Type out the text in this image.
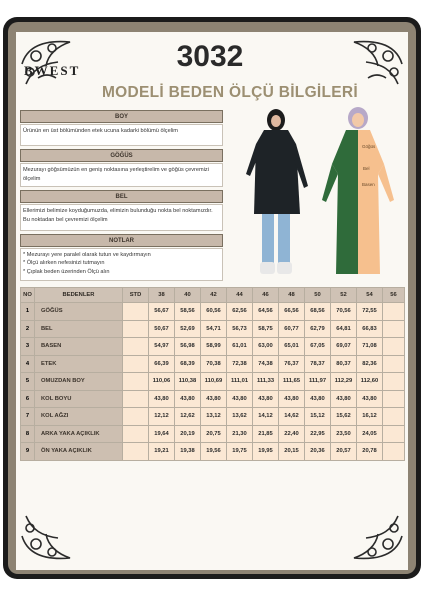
BWEST	3032
MODELİ BEDEN ÖLÇÜ BİLGİLERİ
BOY
Ürünün en üst bölümünden etek ucuna kadarki bölümü ölçelim
GÖĞÜS
Mezurayı göğsümüzün en geniş noktasına yerleştirelim ve göğüs çevremizi ölçelim
BEL
Ellerimizi belimize koyduğumuzda, elimizin bulunduğu nokta bel noktamızdır. Bu noktadan bel çevremizi ölçelim
NOTLAR
* Mezurayı yere paralel olarak tutun ve kaydırmayın
* Ölçü alırken nefesinizi tutmayın
* Çıplak beden üzerinden Ölçü alın
Göğüs
Bel
Basen
NO	BEDENLER	STD	38	40	42	44	46	48	50	52	54	56
1	GÖĞÜS		56,67	58,56	60,56	62,56	64,56	66,56	68,56	70,56	72,55	
2	BEL		50,67	52,69	54,71	56,73	58,75	60,77	62,79	64,81	66,83	
3	BASEN		54,97	56,98	58,99	61,01	63,00	65,01	67,05	69,07	71,08	
4	ETEK		66,39	68,39	70,38	72,38	74,38	76,37	78,37	80,37	82,36	
5	OMUZDAN BOY		110,06	110,38	110,69	111,01	111,33	111,65	111,97	112,29	112,60	
6	KOL BOYU		43,80	43,80	43,80	43,80	43,80	43,80	43,80	43,80	43,80	
7	KOL AĞZI		12,12	12,62	13,12	13,62	14,12	14,62	15,12	15,62	16,12	
8	ARKA YAKA AÇIKLIK		19,64	20,19	20,75	21,30	21,85	22,40	22,95	23,50	24,05	
9	ÖN YAKA AÇIKLIK		19,21	19,38	19,56	19,75	19,95	20,15	20,36	20,57	20,78	
